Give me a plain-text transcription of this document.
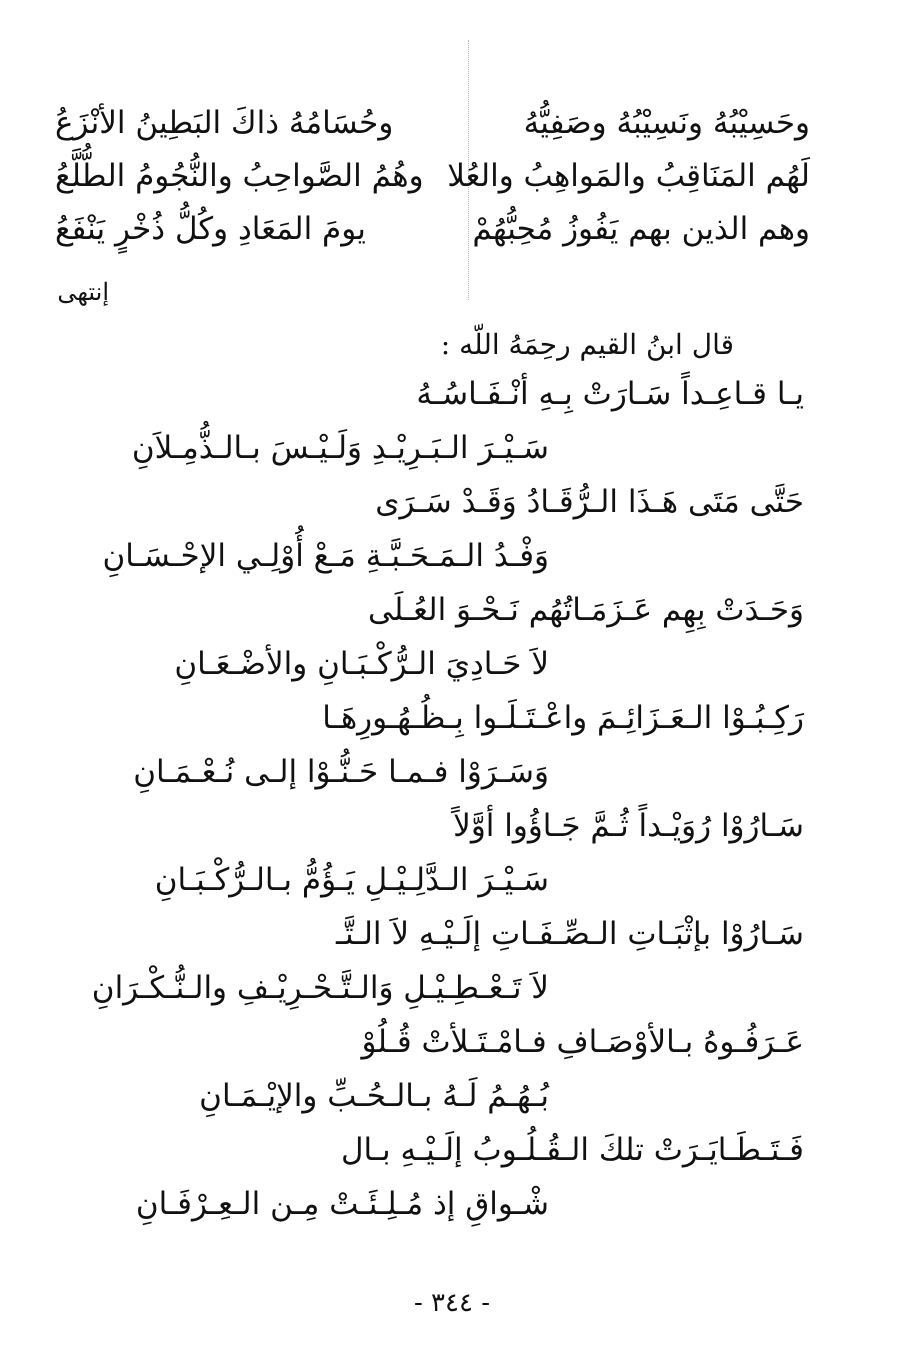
وحَسِيْبُهُ ونَسِيْبُهُ وصَفِيُّهُ
وحُسَامُهُ ذاكَ البَطِينُ الأنْزَعُ
لَهُم المَنَاقِبُ والمَواهِبُ والعُلا
وهُمُ الصَّواحِبُ والنُّجُومُ الطُّلَّعُ
وهم الذين بهم يَفُوزُ مُحِبُّهُمْ
يومَ المَعَادِ وكُلُّ ذُخْرٍ يَنْفَعُ
إنتهى
قال ابنُ القيم رحِمَهُ اللّه :
يـا قـاعِـداً سَـارَتْ بِـهِ أنْـفَـاسُـهُ
سَـيْـرَ الـبَـرِيْـدِ وَلَـيْـسَ بـالـذُّمِـلاَنِ
حَتَّى مَتَى هَـذَا الـرُّقَـادُ وَقَـدْ سَـرَى
وَفْـدُ الـمَـحَـبَّـةِ مَـعْ أُوْلِـي الإحْـسَـانِ
وَحَـدَتْ بِهِم عَـزَمَـاتُهُم نَـحْـوَ العُـلَى
لاَ حَـادِيَ الـرُّكْـبَـانِ والأضْـعَـانِ
رَكِـبُـوْا الـعَـزَائِـمَ واعْـتَـلَـوا بِـظُـهُـورِهَـا
وَسَـرَوْا فـمـا حَـنُّـوْا إلـى نُـعْـمَـانِ
سَـارُوْا رُوَيْـداً ثُـمَّ جَـاؤُوا أوَّلاً
سَـيْـرَ الـدَّلِـيْـلِ يَـؤُمُّ بـالـرُّكْـبَـانِ
سَـارُوْا بإثْبَـاتِ الـصِّـفَـاتِ إلَـيْـهِ لاَ الـتَّـ
لاَ تَـعْـطِـيْـلِ وَالـتَّـحْـرِيْـفِ والـنُّـكْـرَانِ
عَـرَفُـوهُ بـالأوْصَـافِ فـامْـتَـلأتْ قُـلُوْ
بُـهُـمُ لَـهُ بـالـحُـبِّ والإيْـمَـانِ
فَـتَـطَـايَـرَتْ تلكَ الـقُـلُـوبُ إلَـيْـهِ بـال
شْـواقِ إذ مُـلِـئَـتْ مِـن الـعِـرْفَـانِ
- ٣٤٤ -
